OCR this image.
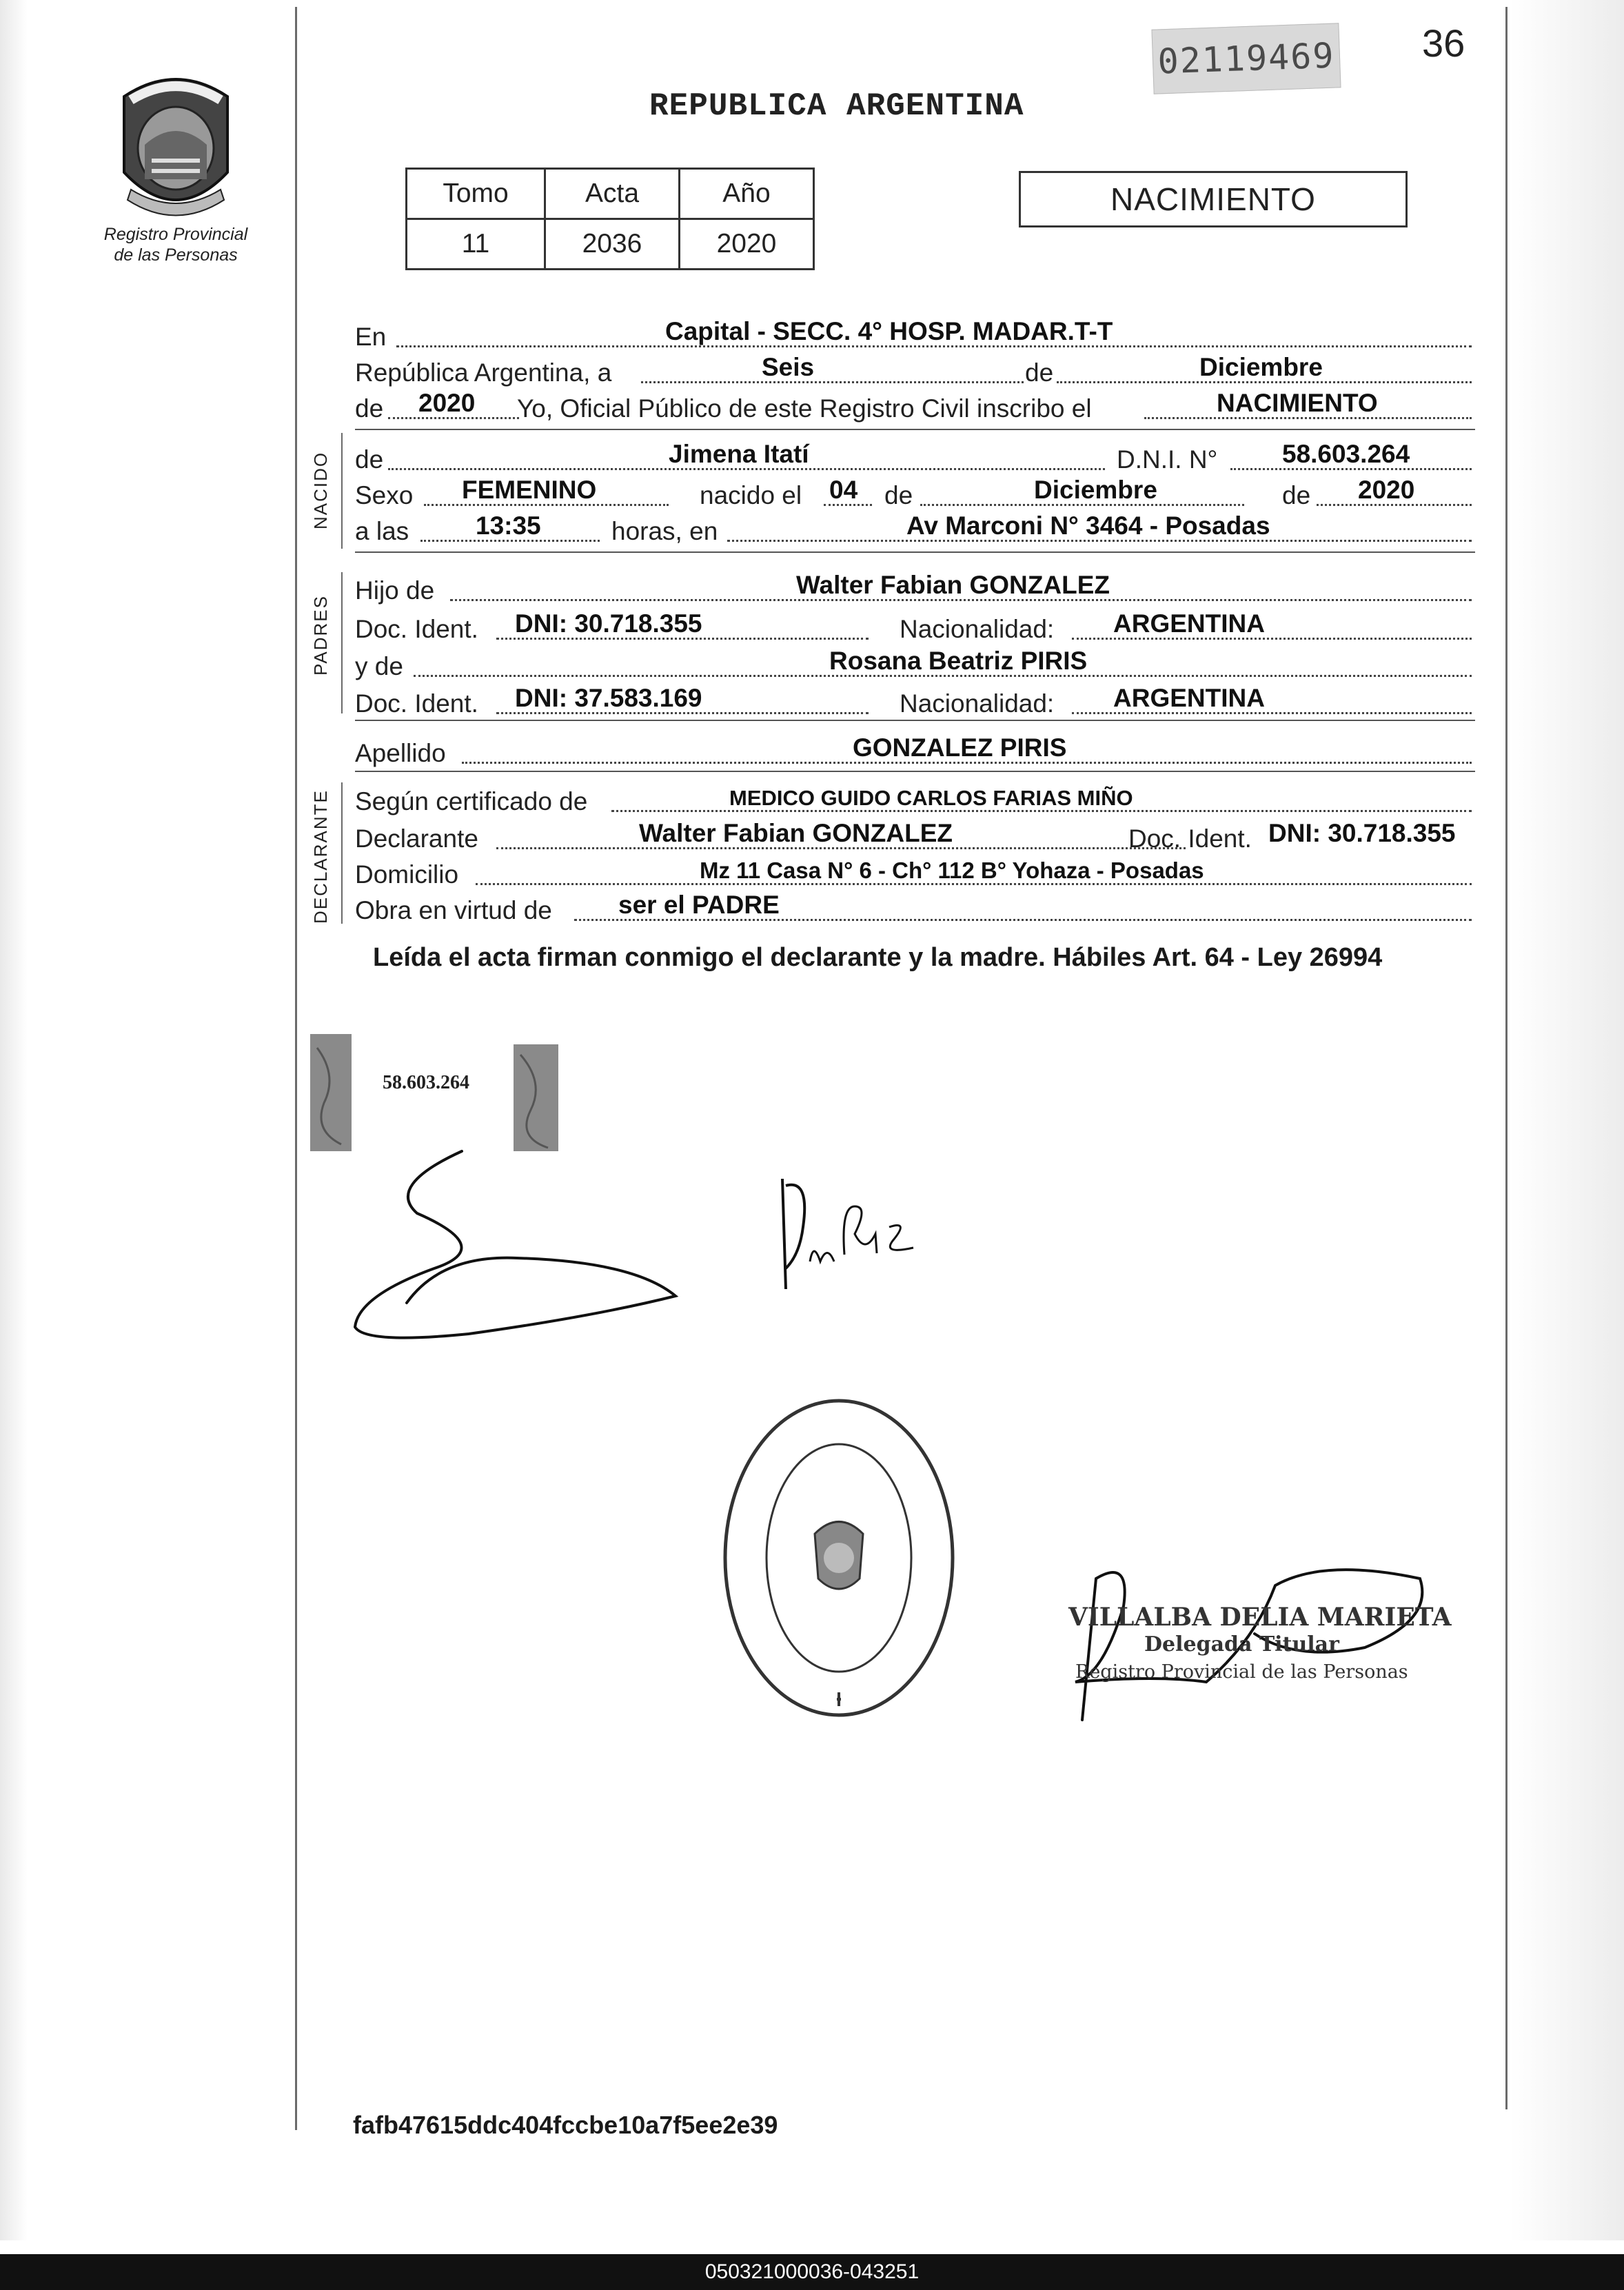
Registro Provincial
de las Personas
REPUBLICA ARGENTINA
02119469 36
Tomo	Acta	Año
11	2036	2020
NACIMIENTO
En	Capital - SECC. 4° HOSP. MADAR.T-T
República Argentina, a	Seis	de	Diciembre
de 2020 Yo, Oficial Público de este Registro Civil inscribo el	NACIMIENTO
NACIDO de	Jimena Itatí	D.N.I. N°	58.603.264
Sexo FEMENINO	nacido el 04 de	Diciembre	de 2020
a las	13:35	horas, en	Av Marconi N° 3464 - Posadas
PADRES
Hijo de	Walter Fabian GONZALEZ
Doc. Ident. DNI: 30.718.355	Nacionalidad: ARGENTINA
y de	Rosana Beatriz PIRIS
Doc. Ident. DNI: 37.583.169	Nacionalidad: ARGENTINA
Apellido	GONZALEZ PIRIS
DECLARANTE Según certificado de	MEDICO GUIDO CARLOS FARIAS MIÑO
Declarante	Walter Fabian GONZALEZ	Doc. Ident. DNI: 30.718.355
Domicilio	Mz 11 Casa N° 6 - Ch° 112 B° Yohaza - Posadas
Obra en virtud de	ser el PADRE
Leída el acta firman conmigo el declarante y la madre. Hábiles Art. 64 - Ley 26994
58.603.264
VILLALBA DELIA MARIETA
Delegada Titular
Registro Provincial de las Personas
fafb47615ddc404fccbe10a7f5ee2e39
050321000036-043251
